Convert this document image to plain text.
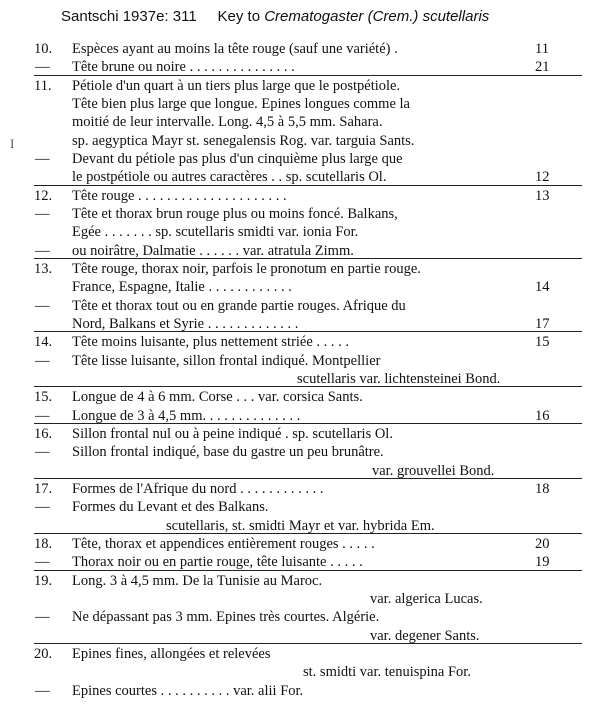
Santschi 1937e: 311 Key to Crematogaster (Crem.) scutellaris
I
10. Espèces ayant au moins la tête rouge (sauf une variété) .	11
— Tête brune ou noire . . . . . . . . . . . . . . .	21
11. Pétiole d'un quart à un tiers plus large que le postpétiole.
Tête bien plus large que longue. Epines longues comme la
moitié de leur intervalle. Long. 4,5 à 5,5 mm. Sahara.
sp. aegyptica Mayr st. senegalensis Rog. var. targuia Sants.
— Devant du pétiole pas plus d'un cinquième plus large que
le postpétiole ou autres caractères . . sp. scutellaris Ol.	12
12. Tête rouge . . . . . . . . . . . . . . . . . . . . .	13
— Tête et thorax brun rouge plus ou moins foncé. Balkans,
Egée . . . . . . . sp. scutellaris smidti var. ionia For.
— ou noirâtre, Dalmatie . . . . . . var. atratula Zimm.
13. Tête rouge, thorax noir, parfois le pronotum en partie rouge.
France, Espagne, Italie . . . . . . . . . . . .	14
— Tête et thorax tout ou en grande partie rouges. Afrique du
Nord, Balkans et Syrie . . . . . . . . . . . . .	17
14. Tête moins luisante, plus nettement striée . . . . .	15
— Tête lisse luisante, sillon frontal indiqué. Montpellier
scutellaris var. lichtensteinei Bond.
15. Longue de 4 à 6 mm. Corse . . . var. corsica Sants.
— Longue de 3 à 4,5 mm. . . . . . . . . . . . . .	16
16. Sillon frontal nul ou à peine indiqué . sp. scutellaris Ol.
— Sillon frontal indiqué, base du gastre un peu brunâtre.
var. grouvellei Bond.
17. Formes de l'Afrique du nord . . . . . . . . . . . .	18
— Formes du Levant et des Balkans.
scutellaris, st. smidti Mayr et var. hybrida Em.
18. Tête, thorax et appendices entièrement rouges . . . . .	20
— Thorax noir ou en partie rouge, tête luisante . . . . .	19
19. Long. 3 à 4,5 mm. De la Tunisie au Maroc.
var. algerica Lucas.
— Ne dépassant pas 3 mm. Epines très courtes. Algérie.
var. degener Sants.
20. Epines fines, allongées et relevées
st. smidti var. tenuispina For.
— Epines courtes . . . . . . . . . . var. alii For.
